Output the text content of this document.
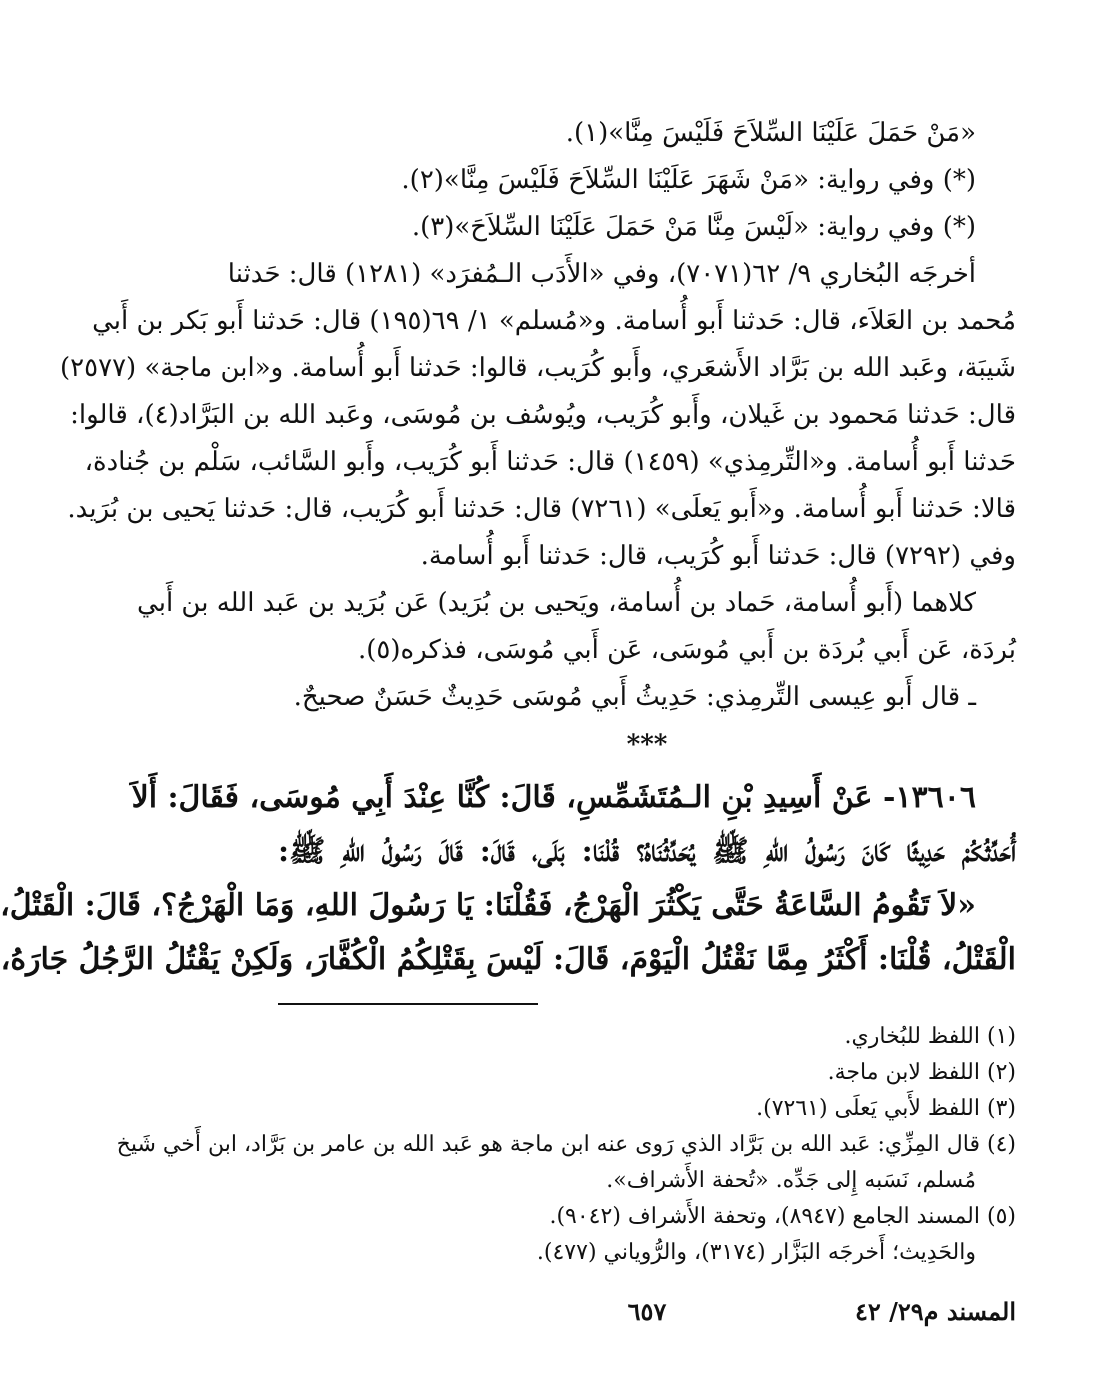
«مَنْ حَمَلَ عَلَيْنَا السِّلاَحَ فَلَيْسَ مِنَّا»(١).
(*) وفي رواية: «مَنْ شَهَرَ عَلَيْنَا السِّلاَحَ فَلَيْسَ مِنَّا»(٢).
(*) وفي رواية: «لَيْسَ مِنَّا مَنْ حَمَلَ عَلَيْنَا السِّلاَحَ»(٣).
أخرجَه البُخاري ٩/ ٦٢(٧٠٧١)، وفي «الأَدَب الـمُفرَد» (١٢٨١) قال: حَدثنا
مُحمد بن العَلاَء، قال: حَدثنا أَبو أُسامة. و«مُسلم» ١/ ٦٩(١٩٥) قال: حَدثنا أَبو بَكر بن أَبي
شَيبَة، وعَبد الله بن بَرَّاد الأَشعَري، وأَبو كُرَيب، قالوا: حَدثنا أَبو أُسامة. و«ابن ماجة» (٢٥٧٧)
قال: حَدثنا مَحمود بن غَيلان، وأَبو كُرَيب، ويُوسُف بن مُوسَى، وعَبد الله بن البَرَّاد(٤)، قالوا:
حَدثنا أَبو أُسامة. و«التِّرمِذي» (١٤٥٩) قال: حَدثنا أَبو كُرَيب، وأَبو السَّائب، سَلْم بن جُنادة،
قالا: حَدثنا أَبو أُسامة. و«أَبو يَعلَى» (٧٢٦١) قال: حَدثنا أَبو كُرَيب، قال: حَدثنا يَحيى بن بُرَيد.
وفي (٧٢٩٢) قال: حَدثنا أَبو كُرَيب، قال: حَدثنا أَبو أُسامة.
كلاهما (أَبو أُسامة، حَماد بن أُسامة، ويَحيى بن بُرَيد) عَن بُرَيد بن عَبد الله بن أَبي
بُردَة، عَن أَبي بُردَة بن أَبي مُوسَى، عَن أَبي مُوسَى، فذكره(٥).
ـ قال أَبو عِيسى التِّرمِذي: حَدِيثُ أَبي مُوسَى حَدِيثٌ حَسَنٌ صحيحٌ.
***
١٣٦٠٦- عَنْ أَسِيدِ بْنِ الـمُتَشَمِّسِ، قَالَ: كُنَّا عِنْدَ أَبِي مُوسَى، فَقَالَ: أَلاَ
أُحَدِّثُكُمْ حَدِيثًا كَانَ رَسُولُ اللهِ ﷺ يُحَدِّثُنَاهُ؟ قُلْنَا: بَلَى، قَالَ: قَالَ رَسُولُ اللهِ ﷺ:
«لاَ تَقُومُ السَّاعَةُ حَتَّى يَكْثُرَ الْهَرْجُ، فَقُلْنَا: يَا رَسُولَ اللهِ، وَمَا الْهَرْجُ؟، قَالَ: الْقَتْلُ،
الْقَتْلُ، قُلْنَا: أَكْثَرُ مِمَّا نَقْتُلُ الْيَوْمَ، قَالَ: لَيْسَ بِقَتْلِكُمُ الْكُفَّارَ، وَلَكِنْ يَقْتُلُ الرَّجُلُ جَارَهُ،
(١) اللفظ للبُخاري.
(٢) اللفظ لابن ماجة.
(٣) اللفظ لأَبي يَعلَى (٧٢٦١).
(٤) قال المِزِّي: عَبد الله بن بَرَّاد الذي رَوى عنه ابن ماجة هو عَبد الله بن عامر بن بَرَّاد، ابن أَخي شَيخ
مُسلم، نَسَبه إِلى جَدِّه. «تُحفة الأَشراف».
(٥) المسند الجامع (٨٩٤٧)، وتحفة الأَشراف (٩٠٤٢).
والحَدِيث؛ أَخرجَه البَزَّار (٣١٧٤)، والرُّوياني (٤٧٧).
المسند م٢٩/ ٤٢
٦٥٧
